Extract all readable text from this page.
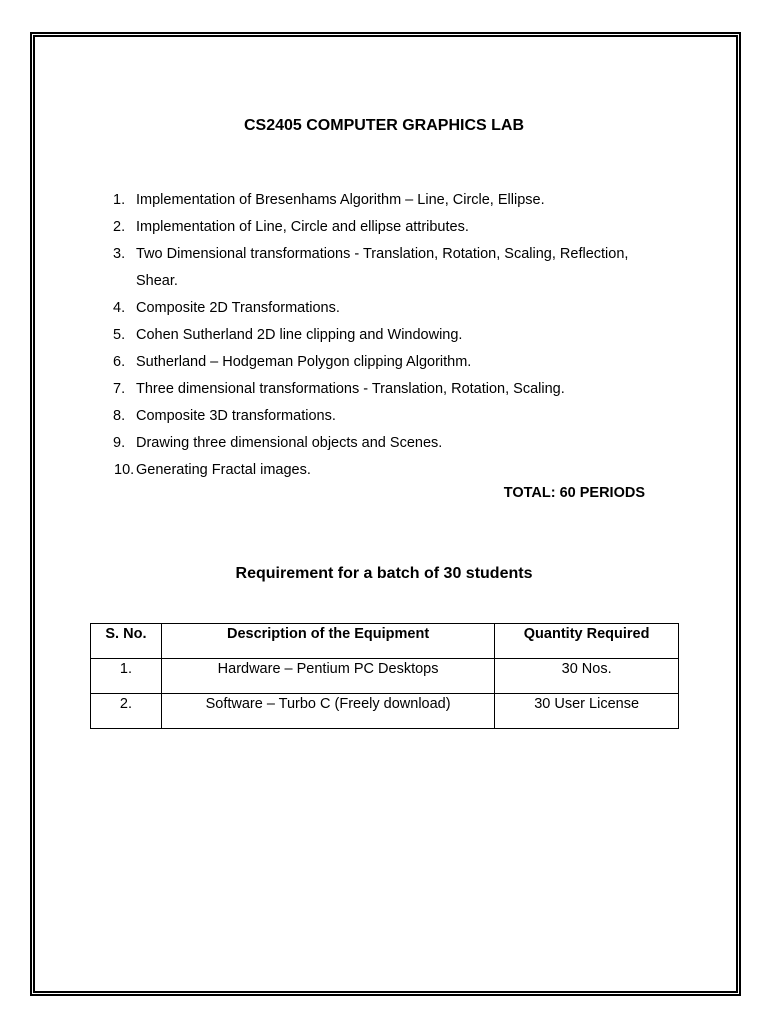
CS2405 COMPUTER GRAPHICS LAB
1. Implementation of Bresenhams Algorithm – Line, Circle, Ellipse.
2. Implementation of Line, Circle and ellipse attributes.
3. Two Dimensional transformations - Translation, Rotation, Scaling, Reflection, Shear.
4. Composite 2D Transformations.
5. Cohen Sutherland 2D line clipping and Windowing.
6. Sutherland – Hodgeman Polygon clipping Algorithm.
7. Three dimensional transformations - Translation, Rotation, Scaling.
8. Composite 3D transformations.
9. Drawing three dimensional objects and Scenes.
10. Generating Fractal images.
TOTAL: 60 PERIODS
Requirement for a batch of 30 students
S. No.	Description of the Equipment	Quantity Required
1.	Hardware – Pentium PC Desktops	30 Nos.
2.	Software – Turbo C (Freely download)	30 User License
